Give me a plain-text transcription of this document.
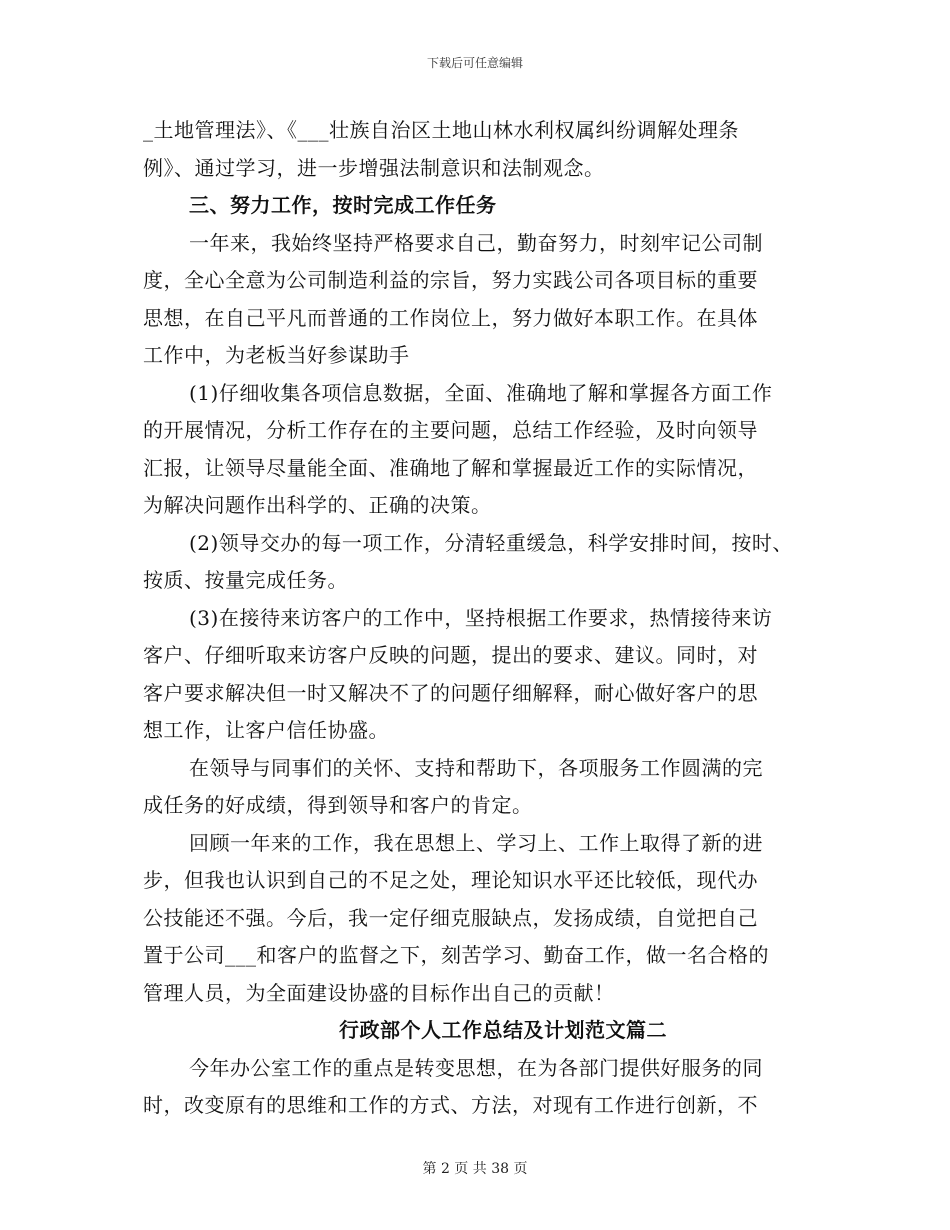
下载后可任意编辑
_土地管理法》、《___壮族自治区土地山林水利权属纠纷调解处理条
例》、通过学习，进一步增强法制意识和法制观念。
三、努力工作，按时完成工作任务
一年来，我始终坚持严格要求自己，勤奋努力，时刻牢记公司制
度，全心全意为公司制造利益的宗旨，努力实践公司各项目标的重要
思想，在自己平凡而普通的工作岗位上，努力做好本职工作。在具体
工作中，为老板当好参谋助手
(1)仔细收集各项信息数据，全面、准确地了解和掌握各方面工作
的开展情况，分析工作存在的主要问题，总结工作经验，及时向领导
汇报，让领导尽量能全面、准确地了解和掌握最近工作的实际情况，
为解决问题作出科学的、正确的决策。
(2)领导交办的每一项工作，分清轻重缓急，科学安排时间，按时、
按质、按量完成任务。
(3)在接待来访客户的工作中，坚持根据工作要求，热情接待来访
客户、仔细听取来访客户反映的问题，提出的要求、建议。同时，对
客户要求解决但一时又解决不了的问题仔细解释，耐心做好客户的思
想工作，让客户信任协盛。
在领导与同事们的关怀、支持和帮助下，各项服务工作圆满的完
成任务的好成绩，得到领导和客户的肯定。
回顾一年来的工作，我在思想上、学习上、工作上取得了新的进
步，但我也认识到自己的不足之处，理论知识水平还比较低，现代办
公技能还不强。今后，我一定仔细克服缺点，发扬成绩，自觉把自己
置于公司___和客户的监督之下，刻苦学习、勤奋工作，做一名合格的
管理人员，为全面建设协盛的目标作出自己的贡献！
行政部个人工作总结及计划范文篇二
今年办公室工作的重点是转变思想，在为各部门提供好服务的同
时，改变原有的思维和工作的方式、方法，对现有工作进行创新，不
第 2 页 共 38 页
